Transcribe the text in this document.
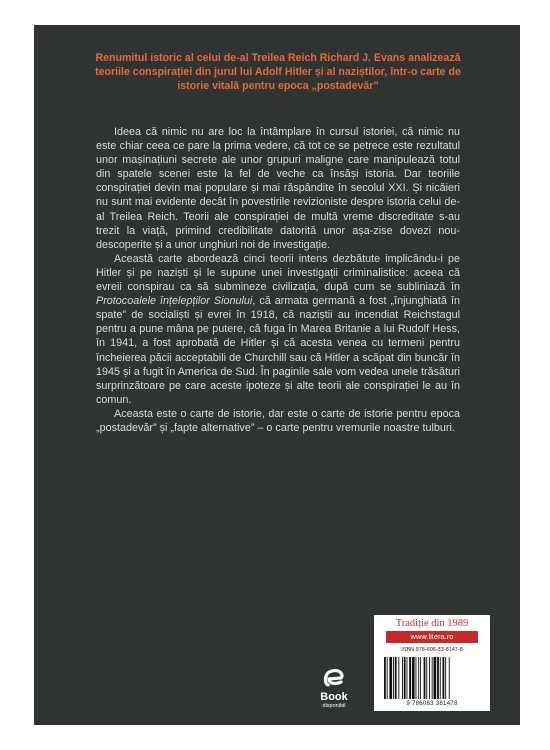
Renumitul istoric al celui de-al Treilea Reich Richard J. Evans analizează teoriile conspirației din jurul lui Adolf Hitler și al naziștilor, într-o carte de istorie vitală pentru epoca „postadevăr”

Ideea că nimic nu are loc la întâmplare în cursul istoriei, că nimic nu este chiar ceea ce pare la prima vedere, că tot ce se petrece este rezultatul unor mașinațiuni secrete ale unor grupuri maligne care manipulează totul din spatele scenei este la fel de veche ca însăși istoria. Dar teoriile conspirației devin mai populare și mai răspândite în secolul XXI. Și nicăieri nu sunt mai evidente decât în povestirile revizioniste despre istoria celui de-al Treilea Reich. Teorii ale conspirației de multă vreme discreditate s-au trezit la viață, primind credibilitate datorită unor așa-zise dovezi nou-descoperite și a unor unghiuri noi de investigație.

Această carte abordează cinci teorii intens dezbătute implicându-i pe Hitler și pe naziști și le supune unei investigații criminalistice: aceea că evreii conspirau ca să submineze civilizația, după cum se subliniază în Protocoalele înțelepților Sionului, că armata germană a fost „înjunghiată în spate” de socialiști și evrei în 1918, că naziștii au incendiat Reichstagul pentru a pune mâna pe putere, că fuga în Marea Britanie a lui Rudolf Hess, în 1941, a fost aprobată de Hitler și că acesta venea cu termeni pentru încheierea păcii acceptabili de Churchill sau că Hitler a scăpat din buncăr în 1945 și a fugit în America de Sud. În paginile sale vom vedea unele trăsături surprinzătoare pe care aceste ipoteze și alte teorii ale conspirației le au în comun.

Aceasta este o carte de istorie, dar este o carte de istorie pentru epoca „postadevăr” și „fapte alternative” – o carte pentru vremurile noastre tulburi.

Book
disponibil
Tradiție din 1989
www.litera.ro
ISBN 978-606-33-8147-8
9 786063 381478
